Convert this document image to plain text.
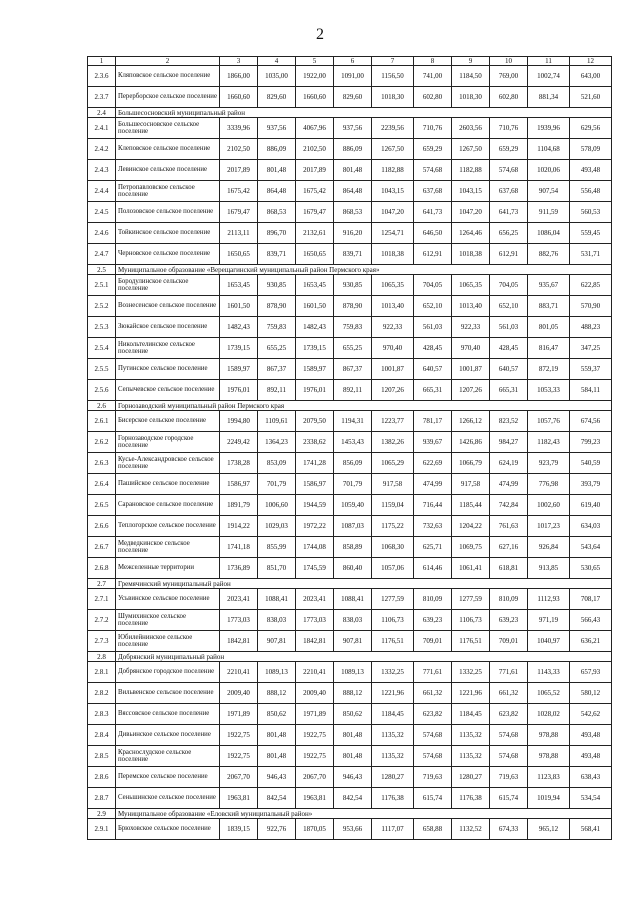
2
1	2	3	4	5	6	7	8	9	10	11	12
2.3.6	Кляповское сельское поселение	1866,00	1035,00	1922,00	1091,00	1156,50	741,00	1184,50	769,00	1002,74	643,00
2.3.7	Перерборское сельское поселение	1660,60	829,60	1660,60	829,60	1018,30	602,80	1018,30	602,80	881,34	521,60
2.4	Большесосновский муниципальный район										
2.4.1	Большесосновское сельское поселение	3339,96	937,56	4067,96	937,56	2239,56	710,76	2603,56	710,76	1939,96	629,56
2.4.2	Клеповское сельское поселение	2102,50	886,09	2102,50	886,09	1267,50	659,29	1267,50	659,29	1104,68	578,09
2.4.3	Левинское сельское поселение	2017,89	801,48	2017,89	801,48	1182,88	574,68	1182,88	574,68	1020,06	493,48
2.4.4	Петропавловское сельское поселение	1675,42	864,48	1675,42	864,48	1043,15	637,68	1043,15	637,68	907,54	556,48
2.4.5	Полозовское сельское поселение	1679,47	868,53	1679,47	868,53	1047,20	641,73	1047,20	641,73	911,59	560,53
2.4.6	Тойкинское сельское поселение	2113,11	896,70	2132,61	916,20	1254,71	646,50	1264,46	656,25	1086,04	559,45
2.4.7	Черновское сельское поселение	1650,65	839,71	1650,65	839,71	1018,38	612,91	1018,38	612,91	882,76	531,71
2.5	Муниципальное образование «Верещагинский муниципальный район Пермского края»										
2.5.1	Бородулинское сельское поселение	1653,45	930,85	1653,45	930,85	1065,35	704,05	1065,35	704,05	935,67	622,85
2.5.2	Вознесенское сельское поселение	1601,50	878,90	1601,50	878,90	1013,40	652,10	1013,40	652,10	883,71	570,90
2.5.3	Зюкайское сельское поселение	1482,43	759,83	1482,43	759,83	922,33	561,03	922,33	561,03	801,05	488,23
2.5.4	Никольтелинское сельское поселение	1739,15	655,25	1739,15	655,25	970,40	428,45	970,40	428,45	816,47	347,25
2.5.5	Путинское сельское поселение	1589,97	867,37	1589,97	867,37	1001,87	640,57	1001,87	640,57	872,19	559,37
2.5.6	Сепычевское сельское поселение	1976,01	892,11	1976,01	892,11	1207,26	665,31	1207,26	665,31	1053,33	584,11
2.6	Горнозаводский муниципальный район Пермского края										
2.6.1	Бисерское сельское поселение	1994,80	1109,61	2079,50	1194,31	1223,77	781,17	1266,12	823,52	1057,76	674,56
2.6.2	Горнозаводское городское поселение	2249,42	1364,23	2338,62	1453,43	1382,26	939,67	1426,86	984,27	1182,43	799,23
2.6.3	Кусье-Александровское сельское поселение	1738,28	853,09	1741,28	856,09	1065,29	622,69	1066,79	624,19	923,79	540,59
2.6.4	Пашийское сельское поселение	1586,97	701,79	1586,97	701,79	917,58	474,99	917,58	474,99	776,98	393,79
2.6.5	Сарановское сельское поселение	1891,79	1006,60	1944,59	1059,40	1159,04	716,44	1185,44	742,84	1002,60	619,40
2.6.6	Теплогорское сельское поселение	1914,22	1029,03	1972,22	1087,03	1175,22	732,63	1204,22	761,63	1017,23	634,03
2.6.7	Медведкинское сельское поселение	1741,18	855,99	1744,08	858,89	1068,30	625,71	1069,75	627,16	926,84	543,64
2.6.8	Межселенные территории	1736,89	851,70	1745,59	860,40	1057,06	614,46	1061,41	618,81	913,85	530,65
2.7	Гремячинский муниципальный район										
2.7.1	Усьвинское сельское поселение	2023,41	1088,41	2023,41	1088,41	1277,59	810,09	1277,59	810,09	1112,93	708,17
2.7.2	Шумихинское сельское поселение	1773,03	838,03	1773,03	838,03	1106,73	639,23	1106,73	639,23	971,19	566,43
2.7.3	Юбилейнинское сельское поселение	1842,81	907,81	1842,81	907,81	1176,51	709,01	1176,51	709,01	1040,97	636,21
2.8	Добрянский муниципальный район										
2.8.1	Добрянское городское поселение	2210,41	1089,13	2210,41	1089,13	1332,25	771,61	1332,25	771,61	1143,33	657,93
2.8.2	Вильвенское сельское поселение	2009,40	888,12	2009,40	888,12	1221,96	661,32	1221,96	661,32	1065,52	580,12
2.8.3	Вяссовское сельское поселение	1971,89	850,62	1971,89	850,62	1184,45	623,82	1184,45	623,82	1028,02	542,62
2.8.4	Дивьинское сельское поселение	1922,75	801,48	1922,75	801,48	1135,32	574,68	1135,32	574,68	978,88	493,48
2.8.5	Краснослудское сельское поселение	1922,75	801,48	1922,75	801,48	1135,32	574,68	1135,32	574,68	978,88	493,48
2.8.6	Перемское сельское поселение	2067,70	946,43	2067,70	946,43	1280,27	719,63	1280,27	719,63	1123,83	638,43
2.8.7	Сеньшинское сельское поселение	1963,81	842,54	1963,81	842,54	1176,38	615,74	1176,38	615,74	1019,94	534,54
2.9	Муниципальное образование «Еловский муниципальный район»										
2.9.1	Брюховское сельское поселение	1839,15	922,76	1870,05	953,66	1117,07	658,88	1132,52	674,33	965,12	568,41
